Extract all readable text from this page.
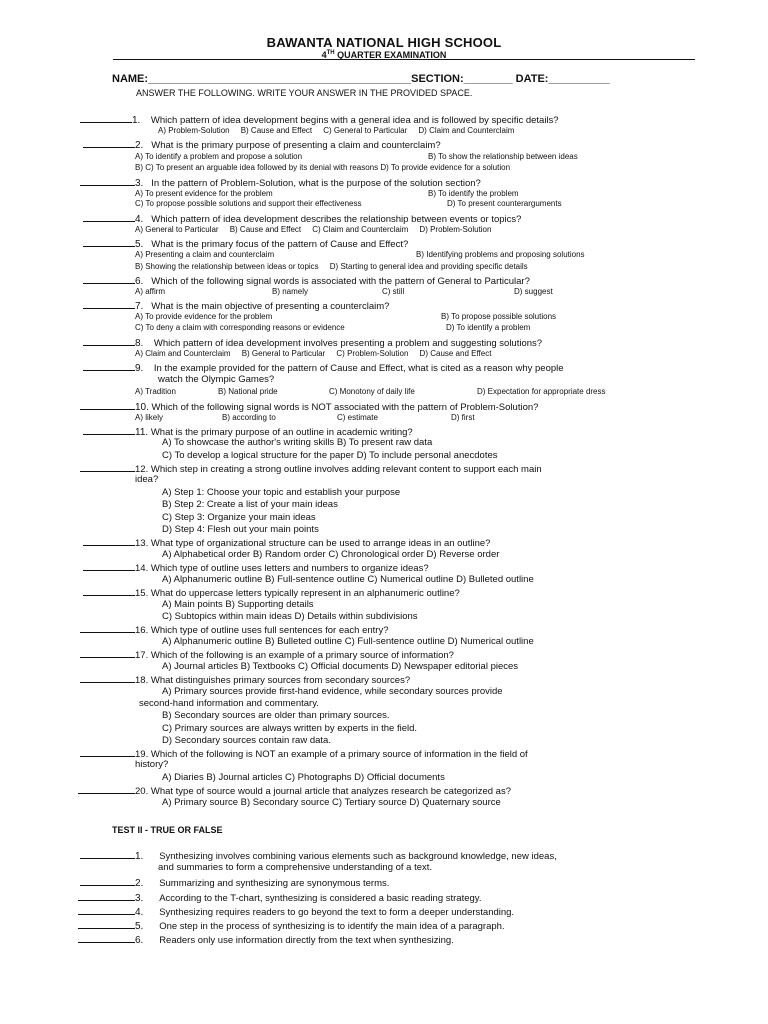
BAWANTA NATIONAL HIGH SCHOOL
4TH QUARTER EXAMINATION
NAME:___________________________________________SECTION:________ DATE:__________
ANSWER THE FOLLOWING. WRITE YOUR ANSWER IN THE PROVIDED SPACE.
1. Which pattern of idea development begins with a general idea and is followed by specific details?
A) Problem-Solution     B) Cause and Effect     C) General to Particular     D) Claim and Counterclaim
2. What is the primary purpose of presenting a claim and counterclaim?
A) To identify a problem and propose a solution	B) To show the relationship between ideas
B) C) To present an arguable idea followed by its denial with reasons D) To provide evidence for a solution
3. In the pattern of Problem-Solution, what is the purpose of the solution section?
A) To present evidence for the problem	B) To identify the problem
C) To propose possible solutions and support their effectiveness	D) To present counterarguments
4. Which pattern of idea development describes the relationship between events or topics?
A) General to Particular     B) Cause and Effect     C) Claim and Counterclaim     D) Problem-Solution
5. What is the primary focus of the pattern of Cause and Effect?
A) Presenting a claim and counterclaim	B) Identifying problems and proposing solutions
B) Showing the relationship between ideas or topics     D) Starting to general idea and providing specific details
6. Which of the following signal words is associated with the pattern of General to Particular?
A) affirm	B) namely	C) still	D) suggest
7. What is the main objective of presenting a counterclaim?
A) To provide evidence for the problem	B) To propose possible solutions
C) To deny a claim with corresponding reasons or evidence	D) To identify a problem
8. Which pattern of idea development involves presenting a problem and suggesting solutions?
A) Claim and Counterclaim     B) General to Particular     C) Problem-Solution     D) Cause and Effect
9. In the example provided for the pattern of Cause and Effect, what is cited as a reason why people
watch the Olympic Games?
A) Tradition	B) National pride	C) Monotony of daily life	D) Expectation for appropriate dress
10. Which of the following signal words is NOT associated with the pattern of Problem-Solution?
A) likely	B) according to	C) estimate	D) first
11. What is the primary purpose of an outline in academic writing?
A) To showcase the author's writing skills B) To present raw data
C) To develop a logical structure for the paper D) To include personal anecdotes
12. Which step in creating a strong outline involves adding relevant content to support each main
idea?
A) Step 1: Choose your topic and establish your purpose
B) Step 2: Create a list of your main ideas
C) Step 3: Organize your main ideas
D) Step 4: Flesh out your main points
13. What type of organizational structure can be used to arrange ideas in an outline?
A) Alphabetical order B) Random order C) Chronological order D) Reverse order
14. Which type of outline uses letters and numbers to organize ideas?
A) Alphanumeric outline B) Full-sentence outline C) Numerical outline D) Bulleted outline
15. What do uppercase letters typically represent in an alphanumeric outline?
A) Main points B) Supporting details
C) Subtopics within main ideas D) Details within subdivisions
16. Which type of outline uses full sentences for each entry?
A) Alphanumeric outline B) Bulleted outline C) Full-sentence outline D) Numerical outline
17. Which of the following is an example of a primary source of information?
A) Journal articles B) Textbooks C) Official documents D) Newspaper editorial pieces
18. What distinguishes primary sources from secondary sources?
A) Primary sources provide first-hand evidence, while secondary sources provide
second-hand information and commentary.
B) Secondary sources are older than primary sources.
C) Primary sources are always written by experts in the field.
D) Secondary sources contain raw data.
19. Which of the following is NOT an example of a primary source of information in the field of
history?
A) Diaries B) Journal articles C) Photographs D) Official documents
20. What type of source would a journal article that analyzes research be categorized as?
A) Primary source B) Secondary source C) Tertiary source D) Quaternary source
TEST II - TRUE OR FALSE
1. Synthesizing involves combining various elements such as background knowledge, new ideas,
and summaries to form a comprehensive understanding of a text.
2. Summarizing and synthesizing are synonymous terms.
3. According to the T-chart, synthesizing is considered a basic reading strategy.
4. Synthesizing requires readers to go beyond the text to form a deeper understanding.
5. One step in the process of synthesizing is to identify the main idea of a paragraph.
6. Readers only use information directly from the text when synthesizing.
